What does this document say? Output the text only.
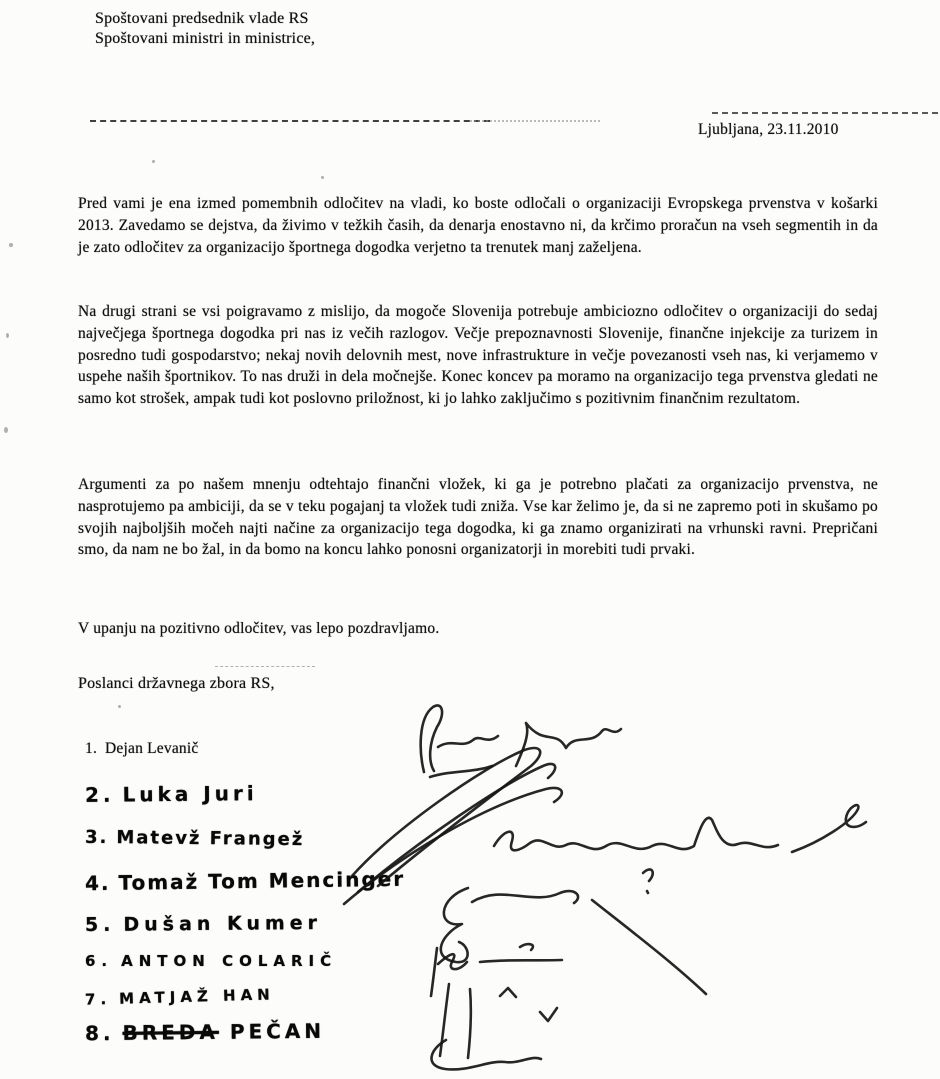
Spoštovani predsednik vlade RS
Spoštovani ministri in ministrice,
Ljubljana, 23.11.2010

Pred vami je ena izmed pomembnih odločitev na vladi, ko boste odločali o organizaciji Evropskega prvenstva v košarki 2013. Zavedamo se dejstva, da živimo v težkih časih, da denarja enostavno ni, da krčimo proračun na vseh segmentih in da je zato odločitev za organizacijo športnega dogodka verjetno ta trenutek manj zaželjena.

Na drugi strani se vsi poigravamo z mislijo, da mogoče Slovenija potrebuje ambiciozno odločitev o organizaciji do sedaj največjega športnega dogodka pri nas iz večih razlogov. Večje prepoznavnosti Slovenije, finančne injekcije za turizem in posredno tudi gospodarstvo; nekaj novih delovnih mest, nove infrastrukture in večje povezanosti vseh nas, ki verjamemo v uspehe naših športnikov. To nas druži in dela močnejše. Konec koncev pa moramo na organizacijo tega prvenstva gledati ne samo kot strošek, ampak tudi kot poslovno priložnost, ki jo lahko zaključimo s pozitivnim finančnim rezultatom.

Argumenti za po našem mnenju odtehtajo finančni vložek, ki ga je potrebno plačati za organizacijo prvenstva, ne nasprotujemo pa ambiciji, da se v teku pogajanj ta vložek tudi zniža. Vse kar želimo je, da si ne zapremo poti in skušamo po svojih najboljših močeh najti načine za organizacijo tega dogodka, ki ga znamo organizirati na vrhunski ravni. Prepričani smo, da nam ne bo žal, in da bomo na koncu lahko ponosni organizatorji in morebiti tudi prvaki.

V upanju na pozitivno odločitev, vas lepo pozdravljamo.
Poslanci državnega zbora RS,
1. Dejan Levanič
2. Luka Juri
3. Matevž Frangež
4. Tomaž Tom Mencinger
5. Dušan Kumer
6. ANTON COLARIČ
7. MATJAŽ HAN
8. BREDA PEČAN
